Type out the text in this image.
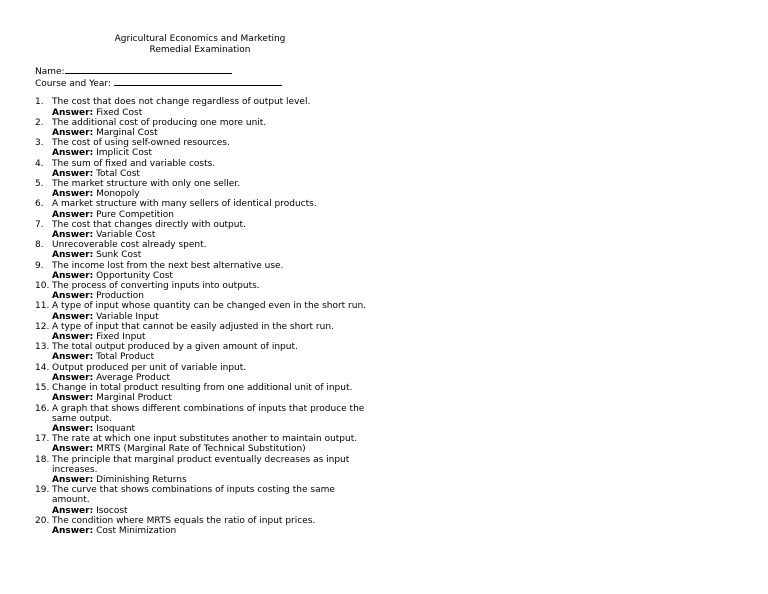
Agricultural Economics and Marketing
Remedial Examination
Name:
Course and Year:
1. The cost that does not change regardless of output level.
Answer: Fixed Cost
2. The additional cost of producing one more unit.
Answer: Marginal Cost
3. The cost of using self-owned resources.
Answer: Implicit Cost
4. The sum of fixed and variable costs.
Answer: Total Cost
5. The market structure with only one seller.
Answer: Monopoly
6. A market structure with many sellers of identical products.
Answer: Pure Competition
7. The cost that changes directly with output.
Answer: Variable Cost
8. Unrecoverable cost already spent.
Answer: Sunk Cost
9. The income lost from the next best alternative use.
Answer: Opportunity Cost
10. The process of converting inputs into outputs.
Answer: Production
11. A type of input whose quantity can be changed even in the short run.
Answer: Variable Input
12. A type of input that cannot be easily adjusted in the short run.
Answer: Fixed Input
13. The total output produced by a given amount of input.
Answer: Total Product
14. Output produced per unit of variable input.
Answer: Average Product
15. Change in total product resulting from one additional unit of input.
Answer: Marginal Product
16. A graph that shows different combinations of inputs that produce the same output.
Answer: Isoquant
17. The rate at which one input substitutes another to maintain output.
Answer: MRTS (Marginal Rate of Technical Substitution)
18. The principle that marginal product eventually decreases as input increases.
Answer: Diminishing Returns
19. The curve that shows combinations of inputs costing the same amount.
Answer: Isocost
20. The condition where MRTS equals the ratio of input prices.
Answer: Cost Minimization
